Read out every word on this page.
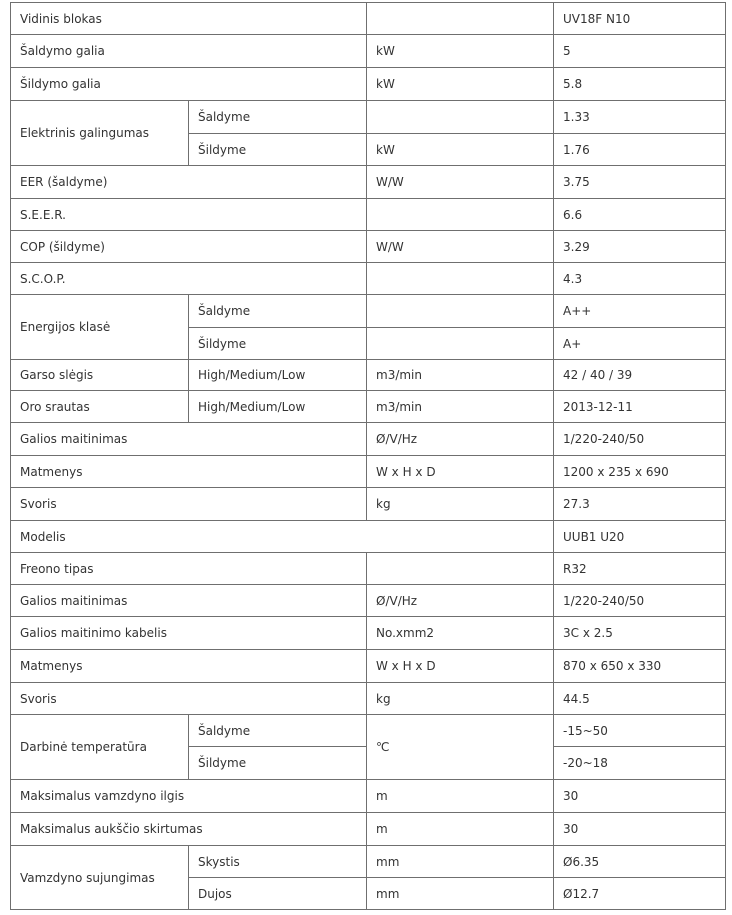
Vidinis blokas			UV18F N10
Šaldymo galia		kW	5
Šildymo galia		kW	5.8
Elektrinis galingumas	Šaldyme		1.33
	Šildyme	kW	1.76
EER (šaldyme)		W/W	3.75
S.E.E.R.			6.6
COP (šildyme)		W/W	3.29
S.C.O.P.			4.3
Energijos klasė	Šaldyme		A++
	Šildyme		A+
Garso slėgis	High/Medium/Low	m3/min	42 / 40 / 39
Oro srautas	High/Medium/Low	m3/min	2013-12-11
Galios maitinimas		Ø/V/Hz	1/220-240/50
Matmenys		W x H x D	1200 x 235 x 690
Svoris		kg	27.3
Modelis			UUB1 U20
Freono tipas			R32
Galios maitinimas		Ø/V/Hz	1/220-240/50
Galios maitinimo kabelis		No.xmm2	3C x 2.5
Matmenys		W x H x D	870 x 650 x 330
Svoris		kg	44.5
Darbinė temperatūra	Šaldyme	℃	-15~50
	Šildyme		-20~18
Maksimalus vamzdyno ilgis		m	30
Maksimalus aukščio skirtumas		m	30
Vamzdyno sujungimas	Skystis	mm	Ø6.35
	Dujos	mm	Ø12.7
